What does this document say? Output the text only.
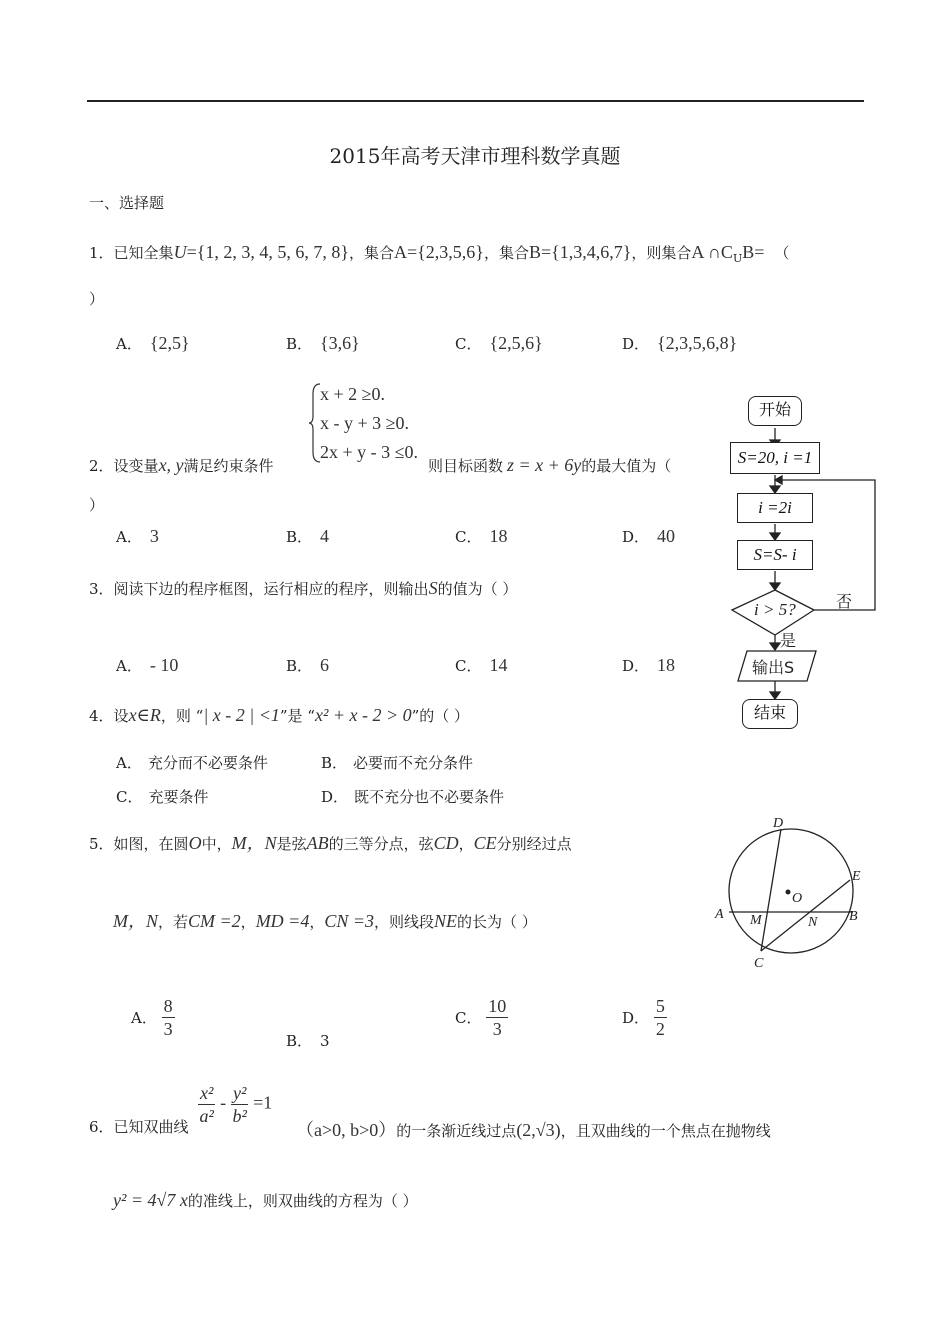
2015年高考天津市理科数学真题
一、选择题
1．已知全集U={1, 2, 3, 4, 5, 6, 7, 8}，集合A={2,3,5,6}，集合B={1,3,4,6,7}，则集合A $\cap C_UB=$ （
）
A． {2,5}	B． {3,6}	C． {2,5,6}	D． {2,3,5,6,8}
x + 2 ≥0.
x - y + 3 ≥0.
2x + y - 3 ≤0.
2．设变量x, y满足约束条件	则目标函数 z = x + 6y的最大值为（
）
A． 3	B． 4	C． 18	D． 40
3．阅读下边的程序框图，运行相应的程序，则输出S的值为（ ）
A． - 10	B． 6	C． 14	D． 18
开始
S=20, i =1
i =2i
S=S- i
i > 5?	否
是
输出S
结束
4．设x∈R，则 “| x - 2 | <1”是 “x² + x - 2 > 0”的（ ）
A． 充分而不必要条件	B． 必要而不充分条件
C． 充要条件	D． 既不充分也不必要条件
5．如图，在圆O中，M，N是弦AB的三等分点，弦CD，CE分别经过点
M，N，若CM =2，MD =4，CN =3，则线段NE的长为（ ）
A． $\frac{8}{3}$
B． 3
C． $\frac{10}{3}$	D． $\frac{5}{2}$
D
E
O
A M	N B
C
6．已知双曲线 $\frac{\text{x²}}{\text{a²}} - \frac{\text{y²}}{\text{b²}} =1$
（a>0, b>0）的一条渐近线过点(2,√3)，且双曲线的一个焦点在抛物线
y² = 4√7 x的准线上，则双曲线的方程为（ ）
